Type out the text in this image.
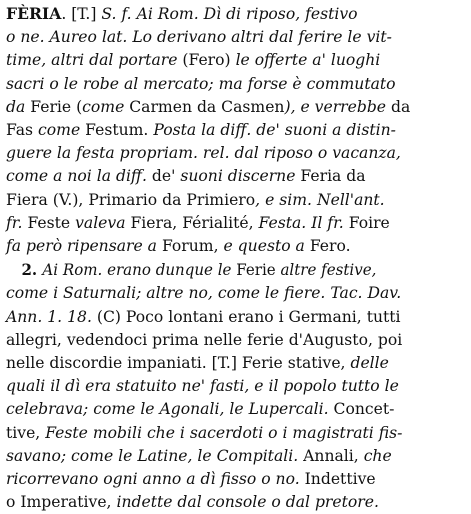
FÈRIA. [T.] S. f. Ai Rom. Dì di riposo, festivo
o ne. Aureo lat. Lo derivano altri dal ferire le vit-
time, altri dal portare (Fero) le offerte a' luoghi
sacri o le robe al mercato; ma forse è commutato
da Ferie (come Carmen da Casmen), e verrebbe da
Fas come Festum. Posta la diff. de' suoni a distin-
guere la festa propriam. rel. dal riposo o vacanza,
come a noi la diff. de' suoni discerne Feria da
Fiera (V.), Primario da Primiero, e sim. Nell'ant.
fr. Feste valeva Fiera, Férialité, Festa. Il fr. Foire
fa però ripensare a Forum, e questo a Fero.
2. Ai Rom. erano dunque le Ferie altre festive,
come i Saturnali; altre no, come le fiere. Tac. Dav.
Ann. 1. 18. (C) Poco lontani erano i Germani, tutti
allegri, vedendoci prima nelle ferie d'Augusto, poi
nelle discordie impaniati. [T.] Ferie stative, delle
quali il dì era statuito ne' fasti, e il popolo tutto le
celebrava; come le Agonali, le Lupercali. Concet-
tive, Feste mobili che i sacerdoti o i magistrati fis-
savano; come le Latine, le Compitali. Annali, che
ricorrevano ogni anno a dì fisso o no. Indettive
o Imperative, indette dal console o dal pretore.
